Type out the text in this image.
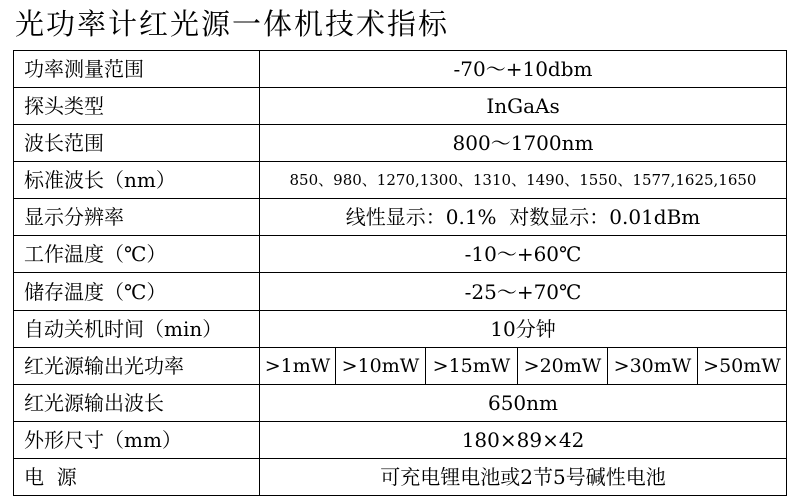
光功率计红光源一体机技术指标
功率测量范围	-70～+10dbm					
探头类型	InGaAs					
波长范围	800～1700nm					
标准波长（nm）	850、980、1270,1300、1310、1490、1550、1577,1625,1650					
显示分辨率	线性显示：0.1%  对数显示：0.01dBm					
工作温度（℃）	-10～+60℃					
储存温度（℃）	-25～+70℃					
自动关机时间（min）	10分钟					
红光源输出光功率	>1mW	>10mW	>15mW	>20mW	>30mW	>50mW
红光源输出波长	650nm					
外形尺寸（mm）	180×89×42					
电  源	可充电锂电池或2节5号碱性电池					
